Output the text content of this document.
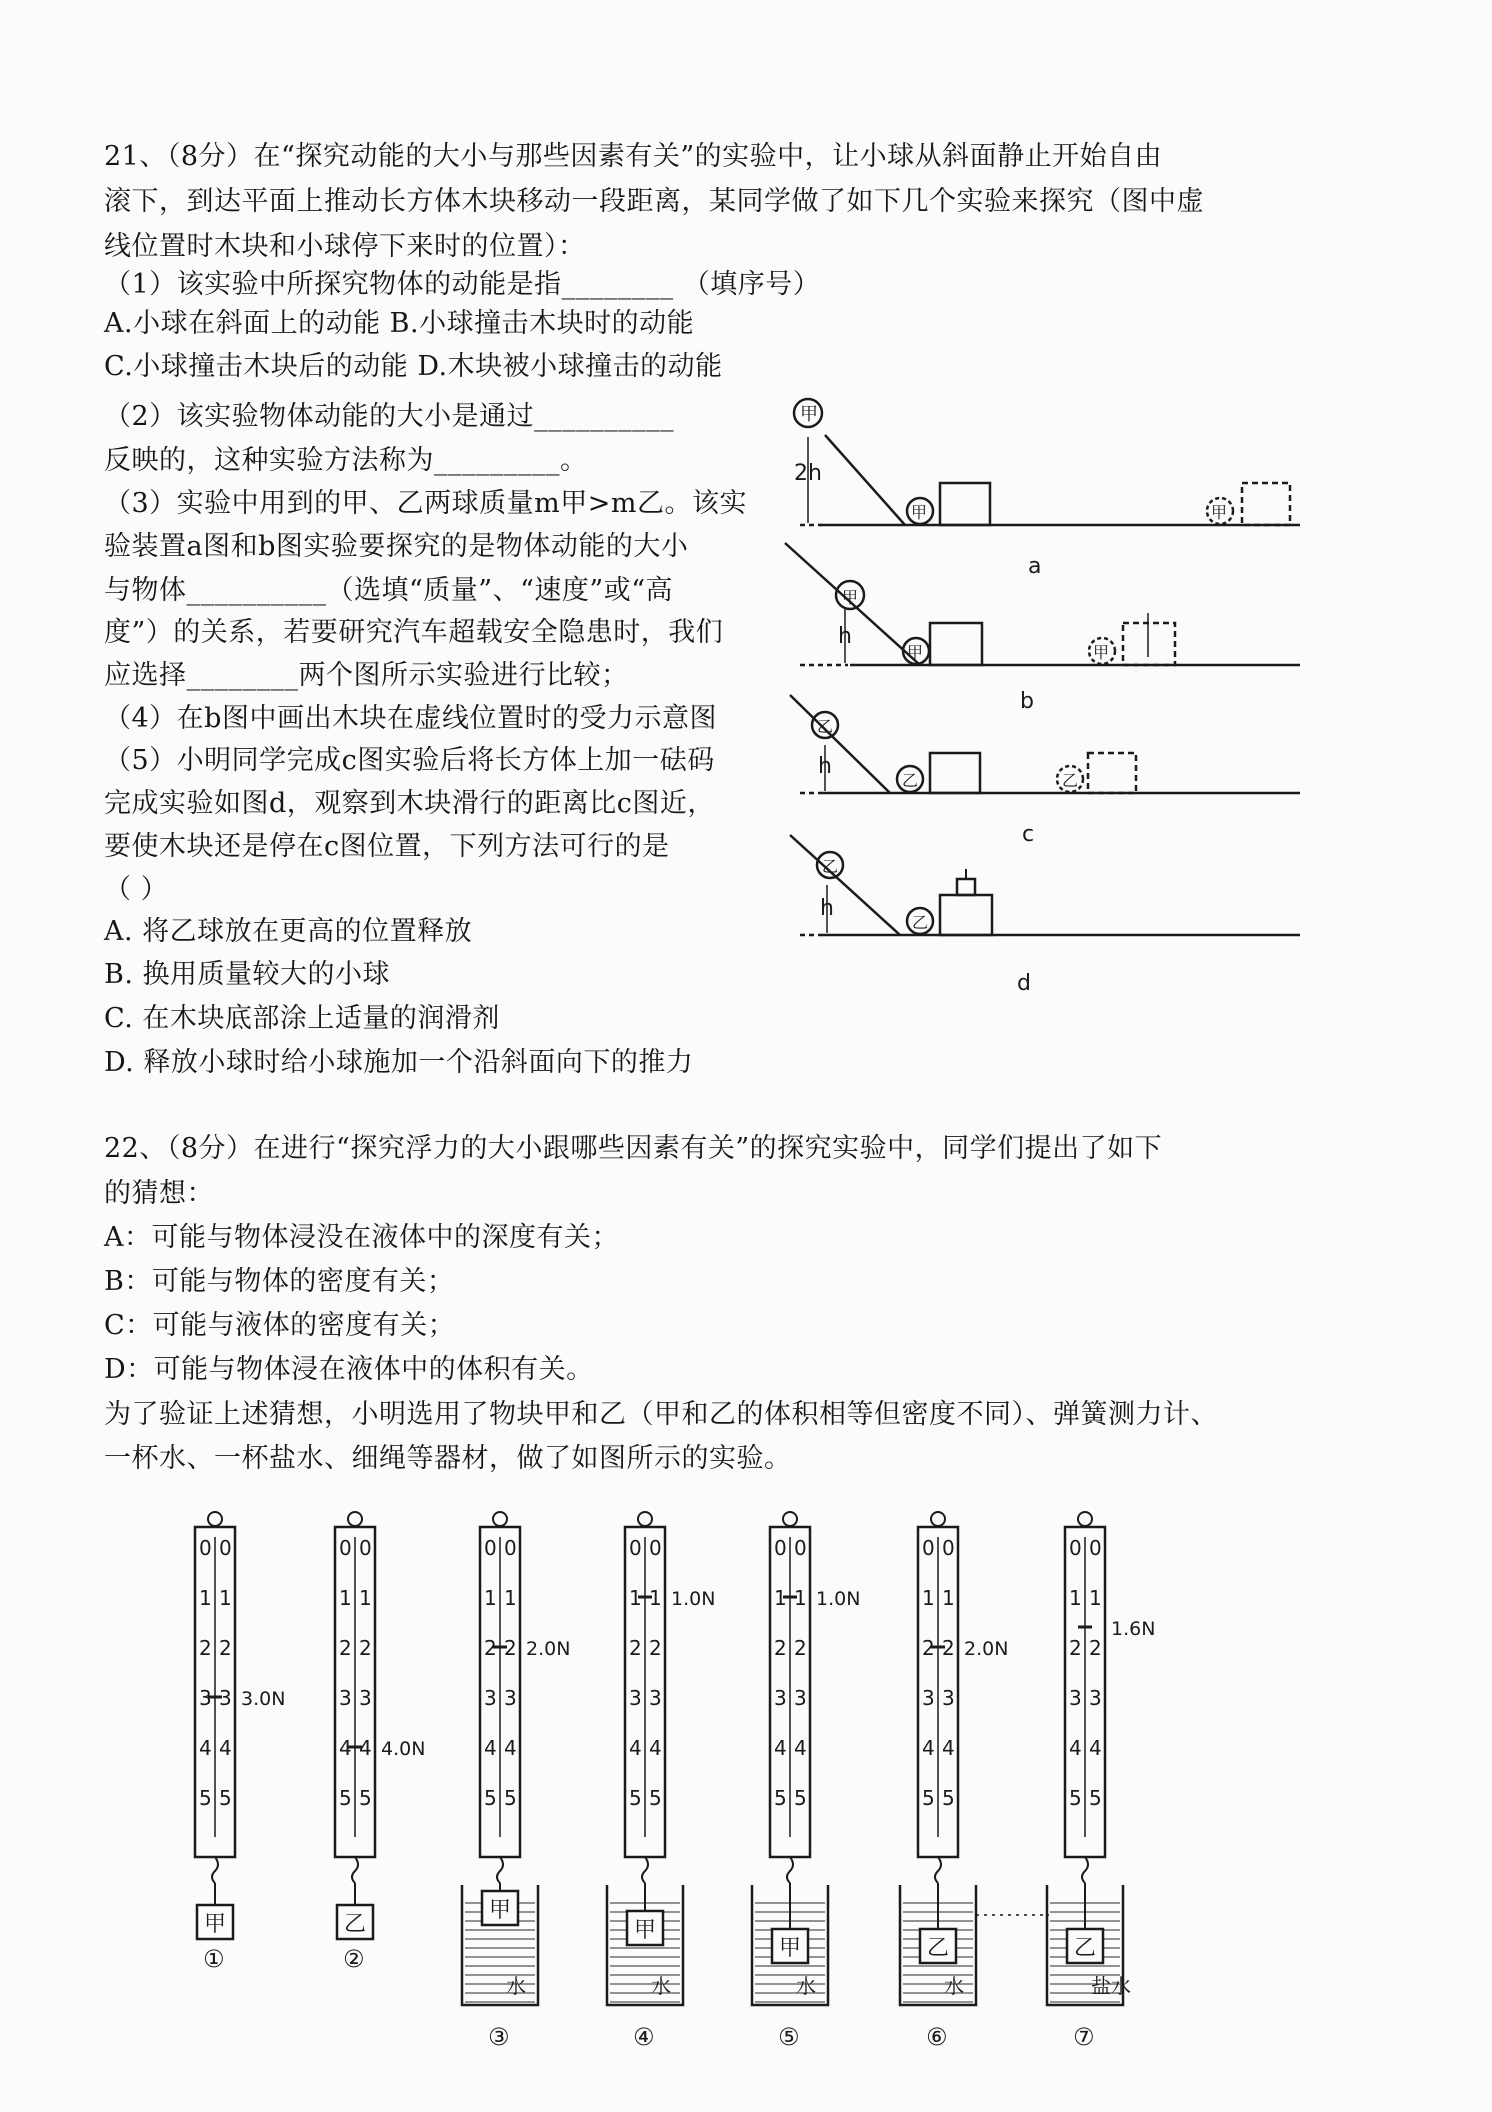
21、（8分）在“探究动能的大小与那些因素有关”的实验中，让小球从斜面静止开始自由
滚下，到达平面上推动长方体木块移动一段距离，某同学做了如下几个实验来探究（图中虚
线位置时木块和小球停下来时的位置）：
（1）该实验中所探究物体的动能是指________ （填序号）
A.小球在斜面上的动能 B.小球撞击木块时的动能
C.小球撞击木块后的动能 D.木块被小球撞击的动能
（2）该实验物体动能的大小是通过__________
反映的，这种实验方法称为_________。
（3）实验中用到的甲、乙两球质量m甲>m乙。该实
验装置a图和b图实验要探究的是物体动能的大小
与物体__________（选填“质量”、“速度”或“高
度”）的关系，若要研究汽车超载安全隐患时，我们
应选择________两个图所示实验进行比较；
（4）在b图中画出木块在虚线位置时的受力示意图
（5）小明同学完成c图实验后将长方体上加一砝码
完成实验如图d，观察到木块滑行的距离比c图近，
要使木块还是停在c图位置，下列方法可行的是
（ ）
A. 将乙球放在更高的位置释放
B. 换用质量较大的小球
C. 在木块底部涂上适量的润滑剂
D. 释放小球时给小球施加一个沿斜面向下的推力
甲
2h
甲	甲
a
甲
h
甲	甲
b
乙
h
乙	乙
c
乙
h
乙
d
22、（8分）在进行“探究浮力的大小跟哪些因素有关”的探究实验中，同学们提出了如下
的猜想：
A：可能与物体浸没在液体中的深度有关；
B：可能与物体的密度有关；
C：可能与液体的密度有关；
D：可能与物体浸在液体中的体积有关。
为了验证上述猜想，小明选用了物块甲和乙（甲和乙的体积相等但密度不同）、弹簧测力计、
一杯水、一杯盐水、细绳等器材，做了如图所示的实验。
0 0
1 1
2 2
3 3
4 4
5 5
3.0N
甲
①
0 0
1 1
2 2
3 3
4 4
5 5
4.0N
乙
②
0 0
1 1
2 2
3 3
4 4
5 5
2.0N
水
甲
③
0 0
1 1
2 2
3 3
4 4
5 5
1.0N
水
甲
④
0 0
1 1
2 2
3 3
4 4
5 5
1.0N
水
甲
⑤
0 0
1 1
2 2
3 3
4 4
5 5
2.0N
水
乙
⑥
0 0
1 1
2 2
3 3
4 4
5 5
1.6N
盐水
乙
⑦
